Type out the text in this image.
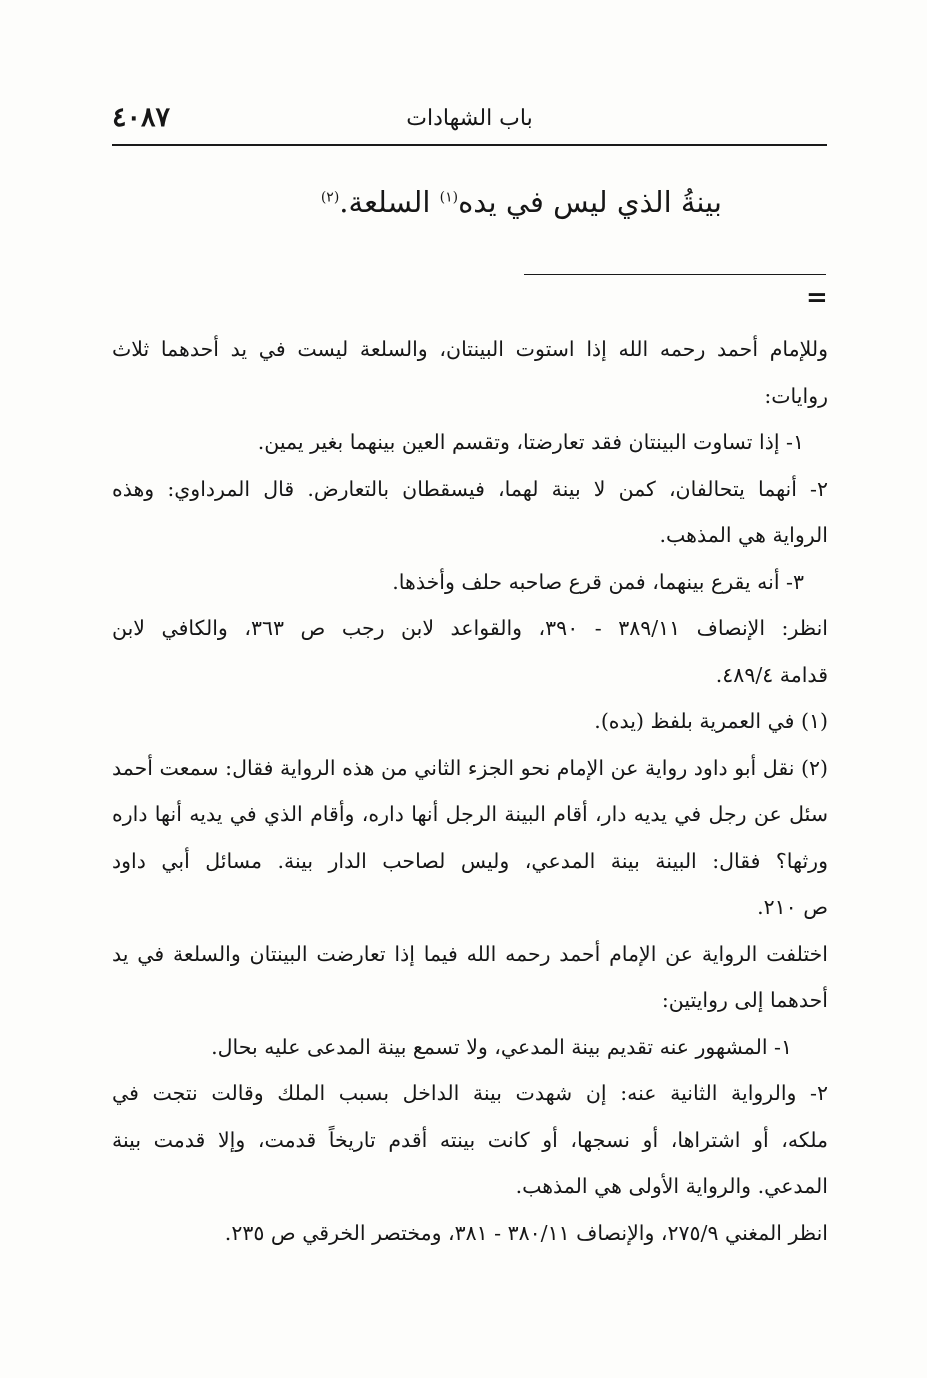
٤٠٨٧	باب الشهادات
بينةُ الذي ليس في يده$^{(١)}$ السلعة.$^{(٢)}$
=

وللإمام أحمد رحمه الله إذا استوت البينتان، والسلعة ليست في يد أحدهما ثلاث

روايات:

١- إذا تساوت البينتان فقد تعارضتا، وتقسم العين بينهما بغير يمين.

٢- أنهما يتحالفان، كمن لا بينة لهما، فيسقطان بالتعارض. قال المرداوي: وهذه

الرواية هي المذهب.

٣- أنه يقرع بينهما، فمن قرع صاحبه حلف وأخذها.

انظر: الإنصاف ٣٨٩/١١ - ٣٩٠، والقواعد لابن رجب ص ٣٦٣، والكافي لابن

قدامة ٤٨٩/٤.

(١) في العمرية بلفظ (يده).

(٢) نقل أبو داود رواية عن الإمام نحو الجزء الثاني من هذه الرواية فقال: سمعت أحمد

سئل عن رجل في يديه دار، أقام البينة الرجل أنها داره، وأقام الذي في يديه أنها داره

ورثها؟ فقال: البينة بينة المدعي، وليس لصاحب الدار بينة. مسائل أبي داود

ص ٢١٠.

اختلفت الرواية عن الإمام أحمد رحمه الله فيما إذا تعارضت البينتان والسلعة في يد

أحدهما إلى روايتين:

١- المشهور عنه تقديم بينة المدعي، ولا تسمع بينة المدعى عليه بحال.

٢- والرواية الثانية عنه: إن شهدت بينة الداخل بسبب الملك وقالت نتجت في

ملكه، أو اشتراها، أو نسجها، أو كانت بينته أقدم تاريخاً قدمت، وإلا قدمت بينة

المدعي. والرواية الأولى هي المذهب.

انظر المغني ٢٧٥/٩، والإنصاف ٣٨٠/١١ - ٣٨١، ومختصر الخرقي ص ٢٣٥.
